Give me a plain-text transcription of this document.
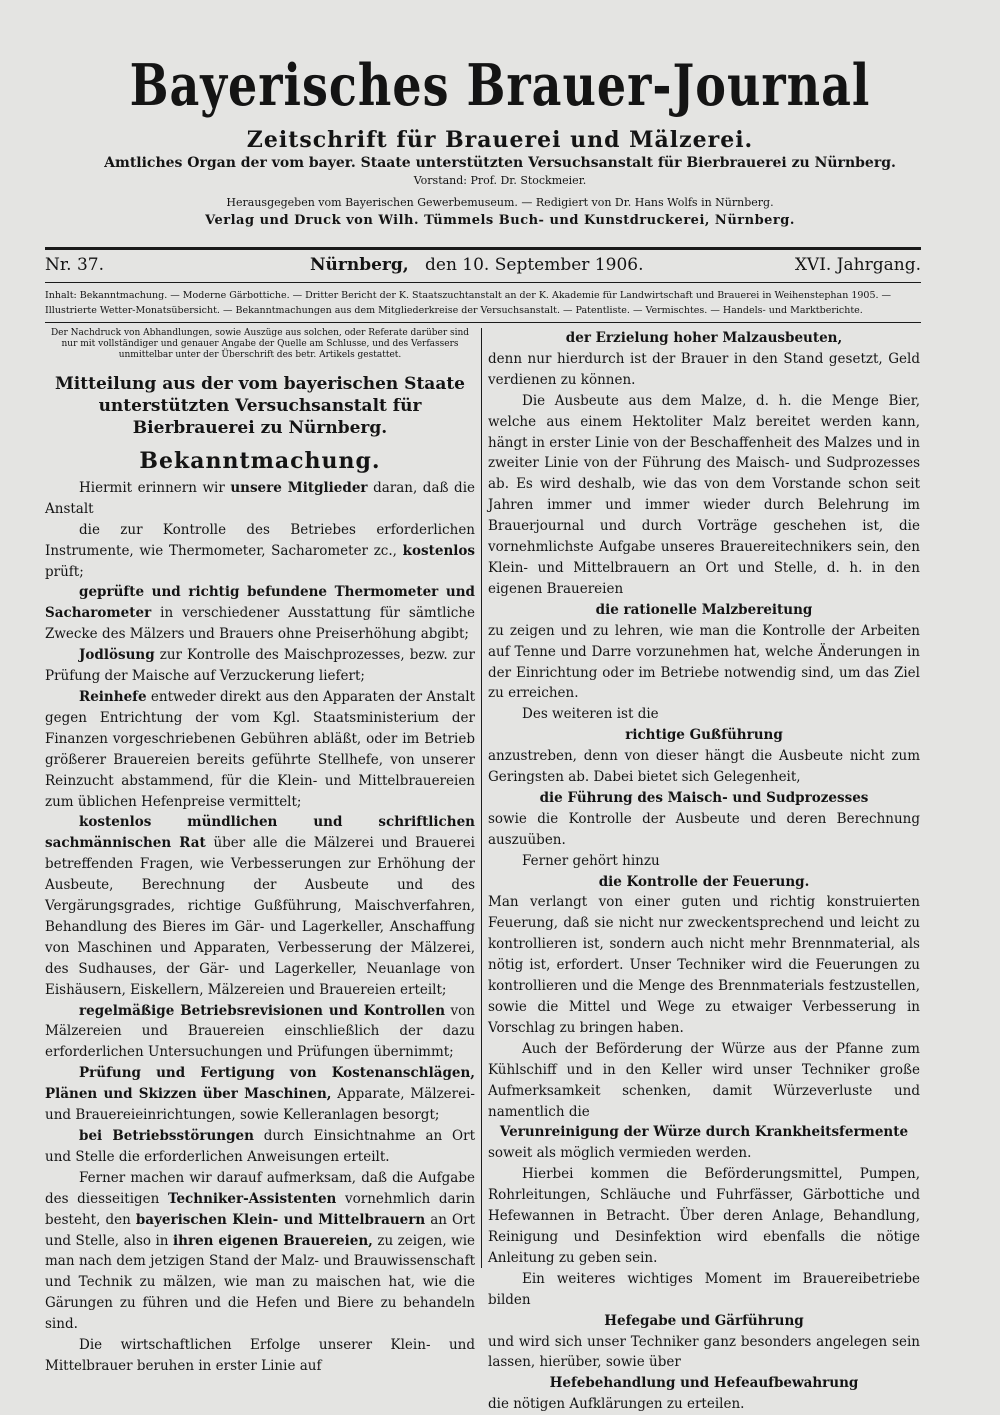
Bayerisches Brauer-Journal
Zeitschrift für Brauerei und Mälzerei.
Amtliches Organ der vom bayer. Staate unterstützten Versuchsanstalt für Bierbrauerei zu Nürnberg.
Vorstand: Prof. Dr. Stockmeier.
Herausgegeben vom Bayerischen Gewerbemuseum. — Redigiert von Dr. Hans Wolfs in Nürnberg.
Verlag und Druck von Wilh. Tümmels Buch- und Kunstdruckerei, Nürnberg.
Nr. 37.	Nürnberg, den 10. September 1906.	XVI. Jahrgang.
Inhalt: Bekanntmachung. — Moderne Gärbottiche. — Dritter Bericht der K. Staatszuchtanstalt an der K. Akademie für Landwirtschaft und Brauerei in Weihenstephan 1905. — Illustrierte Wetter-Monatsübersicht. — Bekanntmachungen aus dem Mitgliederkreise der Versuchsanstalt. — Patentliste. — Vermischtes. — Handels- und Marktberichte.

Der Nachdruck von Abhandlungen, sowie Auszüge aus solchen, oder Referate darüber sind nur mit vollständiger und genauer Angabe der Quelle am Schlusse, und des Verfassers unmittelbar unter der Überschrift des betr. Artikels gestattet.

Mitteilung aus der vom bayerischen Staate unterstützten Versuchsanstalt für Bierbrauerei zu Nürnberg.

Bekanntmachung.

Hiermit erinnern wir unsere Mitglieder daran, daß die Anstalt

die zur Kontrolle des Betriebes erforderlichen Instrumente, wie Thermometer, Sacharometer zc., kostenlos prüft;

geprüfte und richtig befundene Thermometer und Sacharometer in verschiedener Ausstattung für sämtliche Zwecke des Mälzers und Brauers ohne Preiserhöhung abgibt;

Jodlösung zur Kontrolle des Maischprozesses, bezw. zur Prüfung der Maische auf Verzuckerung liefert;

Reinhefe entweder direkt aus den Apparaten der Anstalt gegen Entrichtung der vom Kgl. Staatsministerium der Finanzen vorgeschriebenen Gebühren abläßt, oder im Betrieb größerer Brauereien bereits geführte Stellhefe, von unserer Reinzucht abstammend, für die Klein- und Mittelbrauereien zum üblichen Hefenpreise vermittelt;

kostenlos mündlichen und schriftlichen sachmännischen Rat über alle die Mälzerei und Brauerei betreffenden Fragen, wie Verbesserungen zur Erhöhung der Ausbeute, Berechnung der Ausbeute und des Vergärungsgrades, richtige Gußführung, Maischverfahren, Behandlung des Bieres im Gär- und Lagerkeller, Anschaffung von Maschinen und Apparaten, Verbesserung der Mälzerei, des Sudhauses, der Gär- und Lagerkeller, Neuanlage von Eishäusern, Eiskellern, Mälzereien und Brauereien erteilt;

regelmäßige Betriebsrevisionen und Kontrollen von Mälzereien und Brauereien einschließlich der dazu erforderlichen Untersuchungen und Prüfungen übernimmt;

Prüfung und Fertigung von Kostenanschlägen, Plänen und Skizzen über Maschinen, Apparate, Mälzerei- und Brauereieinrichtungen, sowie Kelleranlagen besorgt;

bei Betriebsstörungen durch Einsichtnahme an Ort und Stelle die erforderlichen Anweisungen erteilt.

Ferner machen wir darauf aufmerksam, daß die Aufgabe des diesseitigen Techniker-Assistenten vornehmlich darin besteht, den bayerischen Klein- und Mittelbrauern an Ort und Stelle, also in ihren eigenen Brauereien, zu zeigen, wie man nach dem jetzigen Stand der Malz- und Brauwissenschaft und Technik zu mälzen, wie man zu maischen hat, wie die Gärungen zu führen und die Hefen und Biere zu behandeln sind.

Die wirtschaftlichen Erfolge unserer Klein- und Mittelbrauer beruhen in erster Linie auf

der Erzielung hoher Malzausbeuten,

denn nur hierdurch ist der Brauer in den Stand gesetzt, Geld verdienen zu können.

Die Ausbeute aus dem Malze, d. h. die Menge Bier, welche aus einem Hektoliter Malz bereitet werden kann, hängt in erster Linie von der Beschaffenheit des Malzes und in zweiter Linie von der Führung des Maisch- und Sudprozesses ab. Es wird deshalb, wie das von dem Vorstande schon seit Jahren immer und immer wieder durch Belehrung im Brauerjournal und durch Vorträge geschehen ist, die vornehmlichste Aufgabe unseres Brauereitechnikers sein, den Klein- und Mittelbrauern an Ort und Stelle, d. h. in den eigenen Brauereien

die rationelle Malzbereitung

zu zeigen und zu lehren, wie man die Kontrolle der Arbeiten auf Tenne und Darre vorzunehmen hat, welche Änderungen in der Einrichtung oder im Betriebe notwendig sind, um das Ziel zu erreichen.

Des weiteren ist die

richtige Gußführung

anzustreben, denn von dieser hängt die Ausbeute nicht zum Geringsten ab. Dabei bietet sich Gelegenheit,

die Führung des Maisch- und Sudprozesses

sowie die Kontrolle der Ausbeute und deren Berechnung auszuüben.

Ferner gehört hinzu

die Kontrolle der Feuerung.

Man verlangt von einer guten und richtig konstruierten Feuerung, daß sie nicht nur zweckentsprechend und leicht zu kontrollieren ist, sondern auch nicht mehr Brennmaterial, als nötig ist, erfordert. Unser Techniker wird die Feuerungen zu kontrollieren und die Menge des Brennmaterials festzustellen, sowie die Mittel und Wege zu etwaiger Verbesserung in Vorschlag zu bringen haben.

Auch der Beförderung der Würze aus der Pfanne zum Kühlschiff und in den Keller wird unser Techniker große Aufmerksamkeit schenken, damit Würzeverluste und namentlich die

Verunreinigung der Würze durch Krankheitsfermente

soweit als möglich vermieden werden.

Hierbei kommen die Beförderungsmittel, Pumpen, Rohrleitungen, Schläuche und Fuhrfässer, Gärbottiche und Hefewannen in Betracht. Über deren Anlage, Behandlung, Reinigung und Desinfektion wird ebenfalls die nötige Anleitung zu geben sein.

Ein weiteres wichtiges Moment im Brauereibetriebe bilden

Hefegabe und Gärführung

und wird sich unser Techniker ganz besonders angelegen sein lassen, hierüber, sowie über

Hefebehandlung und Hefeaufbewahrung

die nötigen Aufklärungen zu erteilen.
